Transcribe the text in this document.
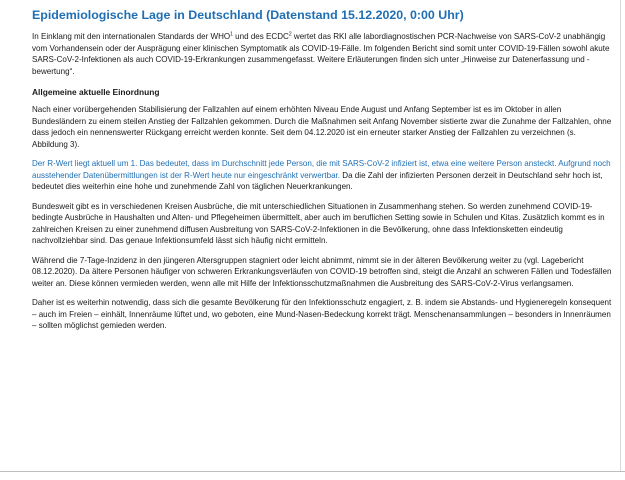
Epidemiologische Lage in Deutschland (Datenstand 15.12.2020, 0:00 Uhr)

In Einklang mit den internationalen Standards der WHO$^1$ und des ECDC$^2$ wertet das RKI alle labordiagnostischen PCR-Nachweise von SARS-CoV-2 unabhängig vom Vorhandensein oder der Ausprägung einer klinischen Symptomatik als COVID-19-Fälle. Im folgenden Bericht sind somit unter COVID-19-Fällen sowohl akute SARS-CoV-2-Infektionen als auch COVID-19-Erkrankungen zusammengefasst. Weitere Erläuterungen finden sich unter „Hinweise zur Datenerfassung und -bewertung“.

Allgemeine aktuelle Einordnung

Nach einer vorübergehenden Stabilisierung der Fallzahlen auf einem erhöhten Niveau Ende August und Anfang September ist es im Oktober in allen Bundesländern zu einem steilen Anstieg der Fallzahlen gekommen. Durch die Maßnahmen seit Anfang November sistierte zwar die Zunahme der Fallzahlen, ohne dass jedoch ein nennenswerter Rückgang erreicht werden konnte. Seit dem 04.12.2020 ist ein erneuter starker Anstieg der Fallzahlen zu verzeichnen (s. Abbildung 3).

Der R-Wert liegt aktuell um 1. Das bedeutet, dass im Durchschnitt jede Person, die mit SARS-CoV-2 infiziert ist, etwa eine weitere Person ansteckt. Aufgrund noch ausstehender Datenübermittlungen ist der R-Wert heute nur eingeschränkt verwertbar. Da die Zahl der infizierten Personen derzeit in Deutschland sehr hoch ist, bedeutet dies weiterhin eine hohe und zunehmende Zahl von täglichen Neuerkrankungen.

Bundesweit gibt es in verschiedenen Kreisen Ausbrüche, die mit unterschiedlichen Situationen in Zusammenhang stehen. So werden zunehmend COVID-19-bedingte Ausbrüche in Haushalten und Alten- und Pflegeheimen übermittelt, aber auch im beruflichen Setting sowie in Schulen und Kitas. Zusätzlich kommt es in zahlreichen Kreisen zu einer zunehmend diffusen Ausbreitung von SARS-CoV-2-Infektionen in die Bevölkerung, ohne dass Infektionsketten eindeutig nachvollziehbar sind. Das genaue Infektionsumfeld lässt sich häufig nicht ermitteln.

Während die 7-Tage-Inzidenz in den jüngeren Altersgruppen stagniert oder leicht abnimmt, nimmt sie in der älteren Bevölkerung weiter zu (vgl. Lagebericht 08.12.2020). Da ältere Personen häufiger von schweren Erkrankungsverläufen von COVID-19 betroffen sind, steigt die Anzahl an schweren Fällen und Todesfällen weiter an. Diese können vermieden werden, wenn alle mit Hilfe der Infektionsschutzmaßnahmen die Ausbreitung des SARS-CoV-2-Virus verlangsamen.

Daher ist es weiterhin notwendig, dass sich die gesamte Bevölkerung für den Infektionsschutz engagiert, z. B. indem sie Abstands- und Hygieneregeln konsequent – auch im Freien – einhält, Innenräume lüftet und, wo geboten, eine Mund-Nasen-Bedeckung korrekt trägt. Menschenansammlungen – besonders in Innenräumen – sollten möglichst gemieden werden.
